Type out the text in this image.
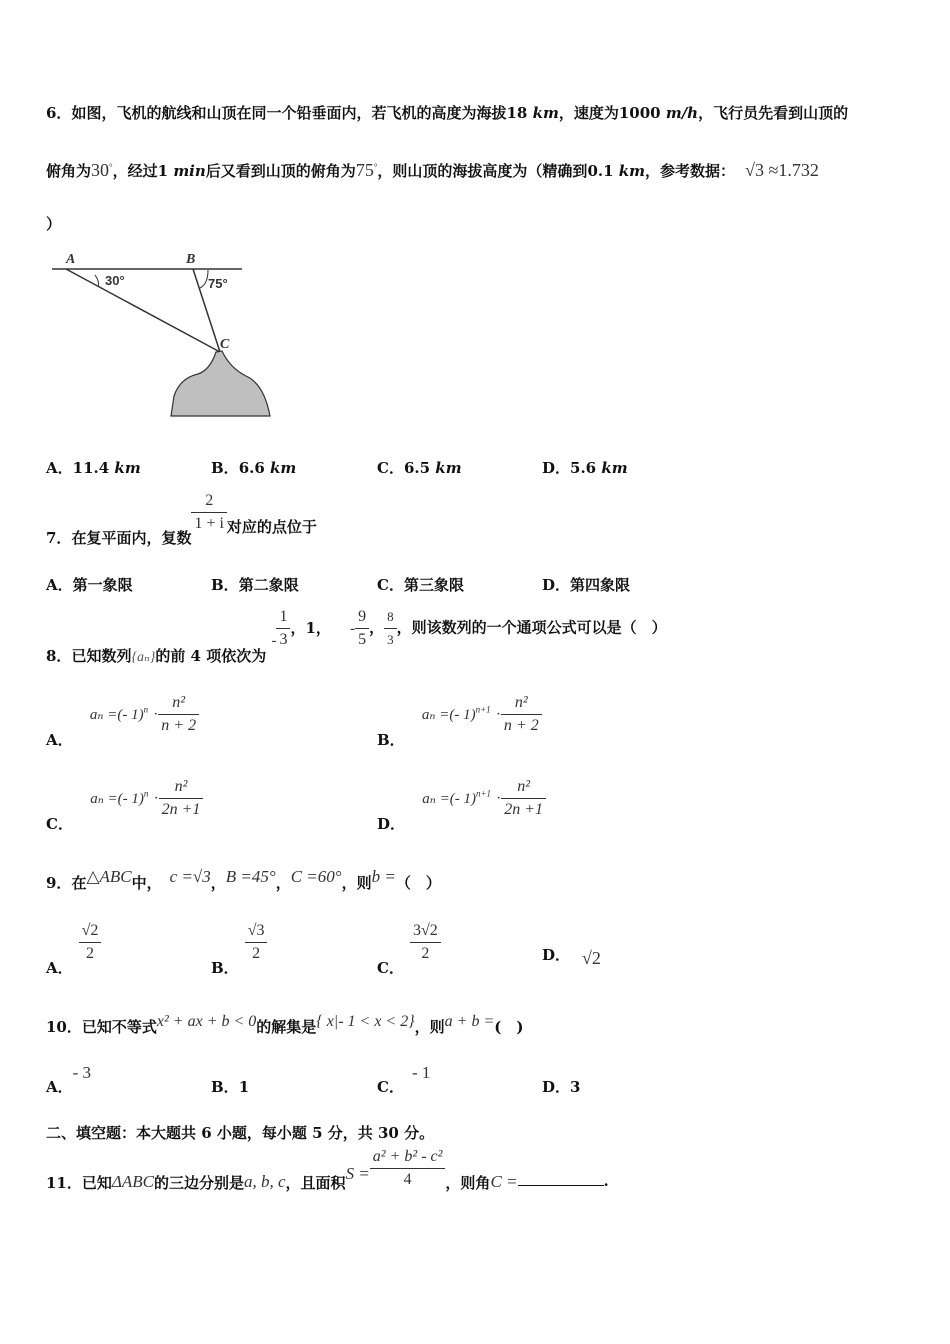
6．如图，飞机的航线和山顶在同一个铅垂面内，若飞机的高度为海拔18 km，速度为1000 m/h，飞行员先看到山顶的
俯角为30°，经过1 min后又看到山顶的俯角为75°，则山顶的海拔高度为（精确到0.1 km，参考数据： √3 ≈1.732
）
A	B
C
30°	75°
A．11.4 km	B．6.6 km	C．6.5 km	D．5.6 km
7．在复平面内，复数
$\frac{2}{1 + i}$ 对应的点位于
A．第一象限	B．第二象限	C．第三象限	D．第四象限
8．已知数列{aₙ}的前 4 项依次为 - $\frac{1}{3}$ ，1， - $\frac{9}{5}$ ， $\frac{8}{3}$ ，则该数列的一个通项公式可以是（　）
A． aₙ =(- $1)^n \cdot \frac{\text{n²}}{n + 2}$
B． aₙ =(- $1)^{n+1} \cdot \frac{\text{n²}}{n + 2}$
C． aₙ =(- $1)^n \cdot \frac{\text{n²}}{2n +1}$
D． aₙ =(- $1)^{n+1} \cdot \frac{\text{n²}}{2n +1}$
9．在△ABC中， c =√3，B =45°，C =60°，则b =（　）
A．
$\frac{√2}{2}$
B．
$\frac{√3}{2}$
C．
$\frac{3√2}{2}$	D． √2
10．已知不等式x² + ax + b < 0的解集是{ x|- 1 < x < 2}，则a + b =(　)
A．- 3
B．1	C．- 1
D．3
二、填空题：本大题共 6 小题，每小题 5 分，共 30 分。
11．已知ΔABC的三边分别是a, b, c，且面积$S = \frac{\text{a² + b² - c²}}{4}$ ，则角C =	.
